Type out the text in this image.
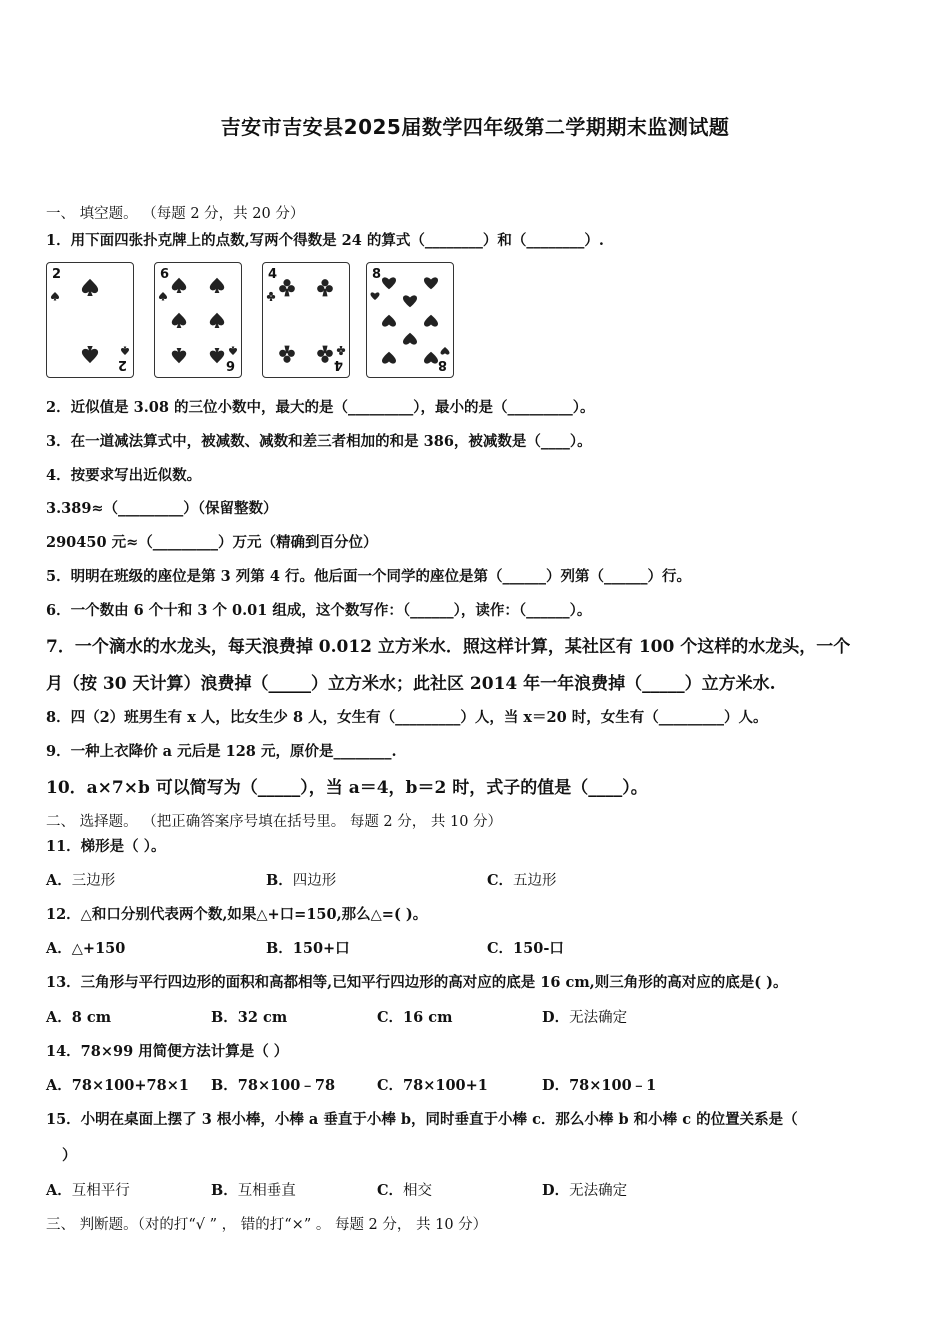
吉安市吉安县2025届数学四年级第二学期期末监测试题
一、 填空题。 （每题 2 分，共 20 分）
1．用下面四张扑克牌上的点数,写两个得数是 24 的算式（________）和（________）.
2
2
6
6
4
4
8
8
2．近似值是 3.08 的三位小数中，最大的是（_________），最小的是（_________）。
3．在一道减法算式中，被减数、减数和差三者相加的和是 386，被减数是（____）。
4．按要求写出近似数。
3.389≈（_________）（保留整数）
290450 元≈（_________）万元（精确到百分位）
5．明明在班级的座位是第 3 列第 4 行。他后面一个同学的座位是第（______）列第（______）行。
6．一个数由 6 个十和 3 个 0.01 组成，这个数写作：（______），读作：（______）。
7．一个滴水的水龙头，每天浪费掉 0.012 立方米水．照这样计算，某社区有 100 个这样的水龙头，一个
月（按 30 天计算）浪费掉（_____）立方米水；此社区 2014 年一年浪费掉（_____）立方米水.
8．四（2）班男生有 x 人，比女生少 8 人，女生有（_________）人，当 x＝20 时，女生有（_________）人。
9．一种上衣降价 a 元后是 128 元，原价是________.
10．a×7×b 可以简写为（_____），当 a＝4，b＝2 时，式子的值是（____）。
二、 选择题。 （把正确答案序号填在括号里。 每题 2 分， 共 10 分）
11．梯形是（ ）。
A．三边形	B．四边形	C．五边形
12．△和口分别代表两个数,如果△+口=150,那么△=( )。
A．△+150	B．150+口	C．150-口
13．三角形与平行四边形的面积和高都相等,已知平行四边形的高对应的底是 16 cm,则三角形的高对应的底是( )。
A．8 cm	B．32 cm	C．16 cm	D．无法确定
14．78×99 用简便方法计算是（ ）
A．78×100+78×1 B．78×100﹣78	C．78×100+1	D．78×100﹣1
15．小明在桌面上摆了 3 根小棒，小棒 a 垂直于小棒 b，同时垂直于小棒 c．那么小棒 b 和小棒 c 的位置关系是（
）
A．互相平行	B．互相垂直	C．相交	D．无法确定
三、 判断题。（对的打“√ ” ， 错的打“×” 。 每题 2 分， 共 10 分）
